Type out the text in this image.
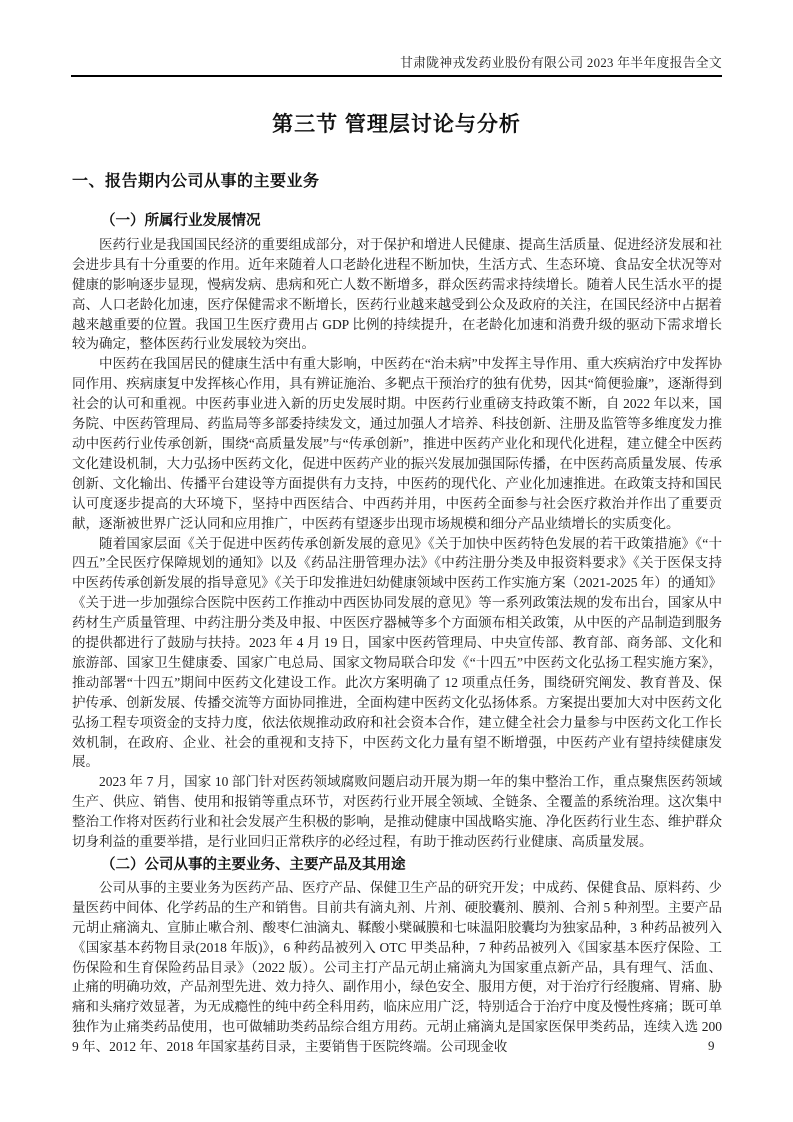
甘肃陇神戎发药业股份有限公司 2023 年半年度报告全文
第三节 管理层讨论与分析
一、报告期内公司从事的主要业务
（一）所属行业发展情况

医药行业是我国国民经济的重要组成部分，对于保护和增进人民健康、提高生活质量、促进经济发展和社会进步具有十分重要的作用。近年来随着人口老龄化进程不断加快，生活方式、生态环境、食品安全状况等对健康的影响逐步显现，慢病发病、患病和死亡人数不断增多，群众医药需求持续增长。随着人民生活水平的提高、人口老龄化加速，医疗保健需求不断增长，医药行业越来越受到公众及政府的关注，在国民经济中占据着越来越重要的位置。我国卫生医疗费用占 GDP 比例的持续提升，在老龄化加速和消费升级的驱动下需求增长较为确定，整体医药行业发展较为突出。

中医药在我国居民的健康生活中有重大影响，中医药在“治未病”中发挥主导作用、重大疾病治疗中发挥协同作用、疾病康复中发挥核心作用，具有辨证施治、多靶点干预治疗的独有优势，因其“简便验廉”，逐渐得到社会的认可和重视。中医药事业进入新的历史发展时期。中医药行业重磅支持政策不断，自 2022 年以来，国务院、中医药管理局、药监局等多部委持续发文，通过加强人才培养、科技创新、注册及监管等多维度发力推动中医药行业传承创新，围绕“高质量发展”与“传承创新”，推进中医药产业化和现代化进程，建立健全中医药文化建设机制，大力弘扬中医药文化，促进中医药产业的振兴发展加强国际传播，在中医药高质量发展、传承创新、文化输出、传播平台建设等方面提供有力支持，中医药的现代化、产业化加速推进。在政策支持和国民认可度逐步提高的大环境下，坚持中西医结合、中西药并用，中医药全面参与社会医疗救治并作出了重要贡献，逐渐被世界广泛认同和应用推广，中医药有望逐步出现市场规模和细分产品业绩增长的实质变化。

随着国家层面《关于促进中医药传承创新发展的意见》《关于加快中医药特色发展的若干政策措施》《“十四五”全民医疗保障规划的通知》以及《药品注册管理办法》《中药注册分类及申报资料要求》《关于医保支持中医药传承创新发展的指导意见》《关于印发推进妇幼健康领域中医药工作实施方案（2021-2025 年）的通知》《关于进一步加强综合医院中医药工作推动中西医协同发展的意见》等一系列政策法规的发布出台，国家从中药材生产质量管理、中药注册分类及申报、中医医疗器械等多个方面颁布相关政策，从中医的产品制造到服务的提供都进行了鼓励与扶持。2023 年 4 月 19 日，国家中医药管理局、中央宣传部、教育部、商务部、文化和旅游部、国家卫生健康委、国家广电总局、国家文物局联合印发《“十四五”中医药文化弘扬工程实施方案》，推动部署“十四五”期间中医药文化建设工作。此次方案明确了 12 项重点任务，围绕研究阐发、教育普及、保护传承、创新发展、传播交流等方面协同推进，全面构建中医药文化弘扬体系。方案提出要加大对中医药文化弘扬工程专项资金的支持力度，依法依规推动政府和社会资本合作，建立健全社会力量参与中医药文化工作长效机制，在政府、企业、社会的重视和支持下，中医药文化力量有望不断增强，中医药产业有望持续健康发展。

2023 年 7 月，国家 10 部门针对医药领域腐败问题启动开展为期一年的集中整治工作，重点聚焦医药领域生产、供应、销售、使用和报销等重点环节，对医药行业开展全领域、全链条、全覆盖的系统治理。这次集中整治工作将对医药行业和社会发展产生积极的影响，是推动健康中国战略实施、净化医药行业生态、维护群众切身利益的重要举措，是行业回归正常秩序的必经过程，有助于推动医药行业健康、高质量发展。

（二）公司从事的主要业务、主要产品及其用途

公司从事的主要业务为医药产品、医疗产品、保健卫生产品的研究开发；中成药、保健食品、原料药、少量医药中间体、化学药品的生产和销售。目前共有滴丸剂、片剂、硬胶囊剂、膜剂、合剂 5 种剂型。主要产品元胡止痛滴丸、宣肺止嗽合剂、酸枣仁油滴丸、鞣酸小檗碱膜和七味温阳胶囊均为独家品种，3 种药品被列入《国家基本药物目录(2018 年版)》，6 种药品被列入 OTC 甲类品种，7 种药品被列入《国家基本医疗保险、工伤保险和生育保险药品目录》（2022 版）。公司主打产品元胡止痛滴丸为国家重点新产品，具有理气、活血、止痛的明确功效，产品剂型先进、效力持久、副作用小，绿色安全、服用方便，对于治疗行经腹痛、胃痛、胁痛和头痛疗效显著，为无成瘾性的纯中药全科用药，临床应用广泛，特别适合于治疗中度及慢性疼痛；既可单独作为止痛类药品使用，也可做辅助类药品综合组方用药。元胡止痛滴丸是国家医保甲类药品，连续入选 2009 年、2012 年、2018 年国家基药目录，主要销售于医院终端。公司现金收	9
